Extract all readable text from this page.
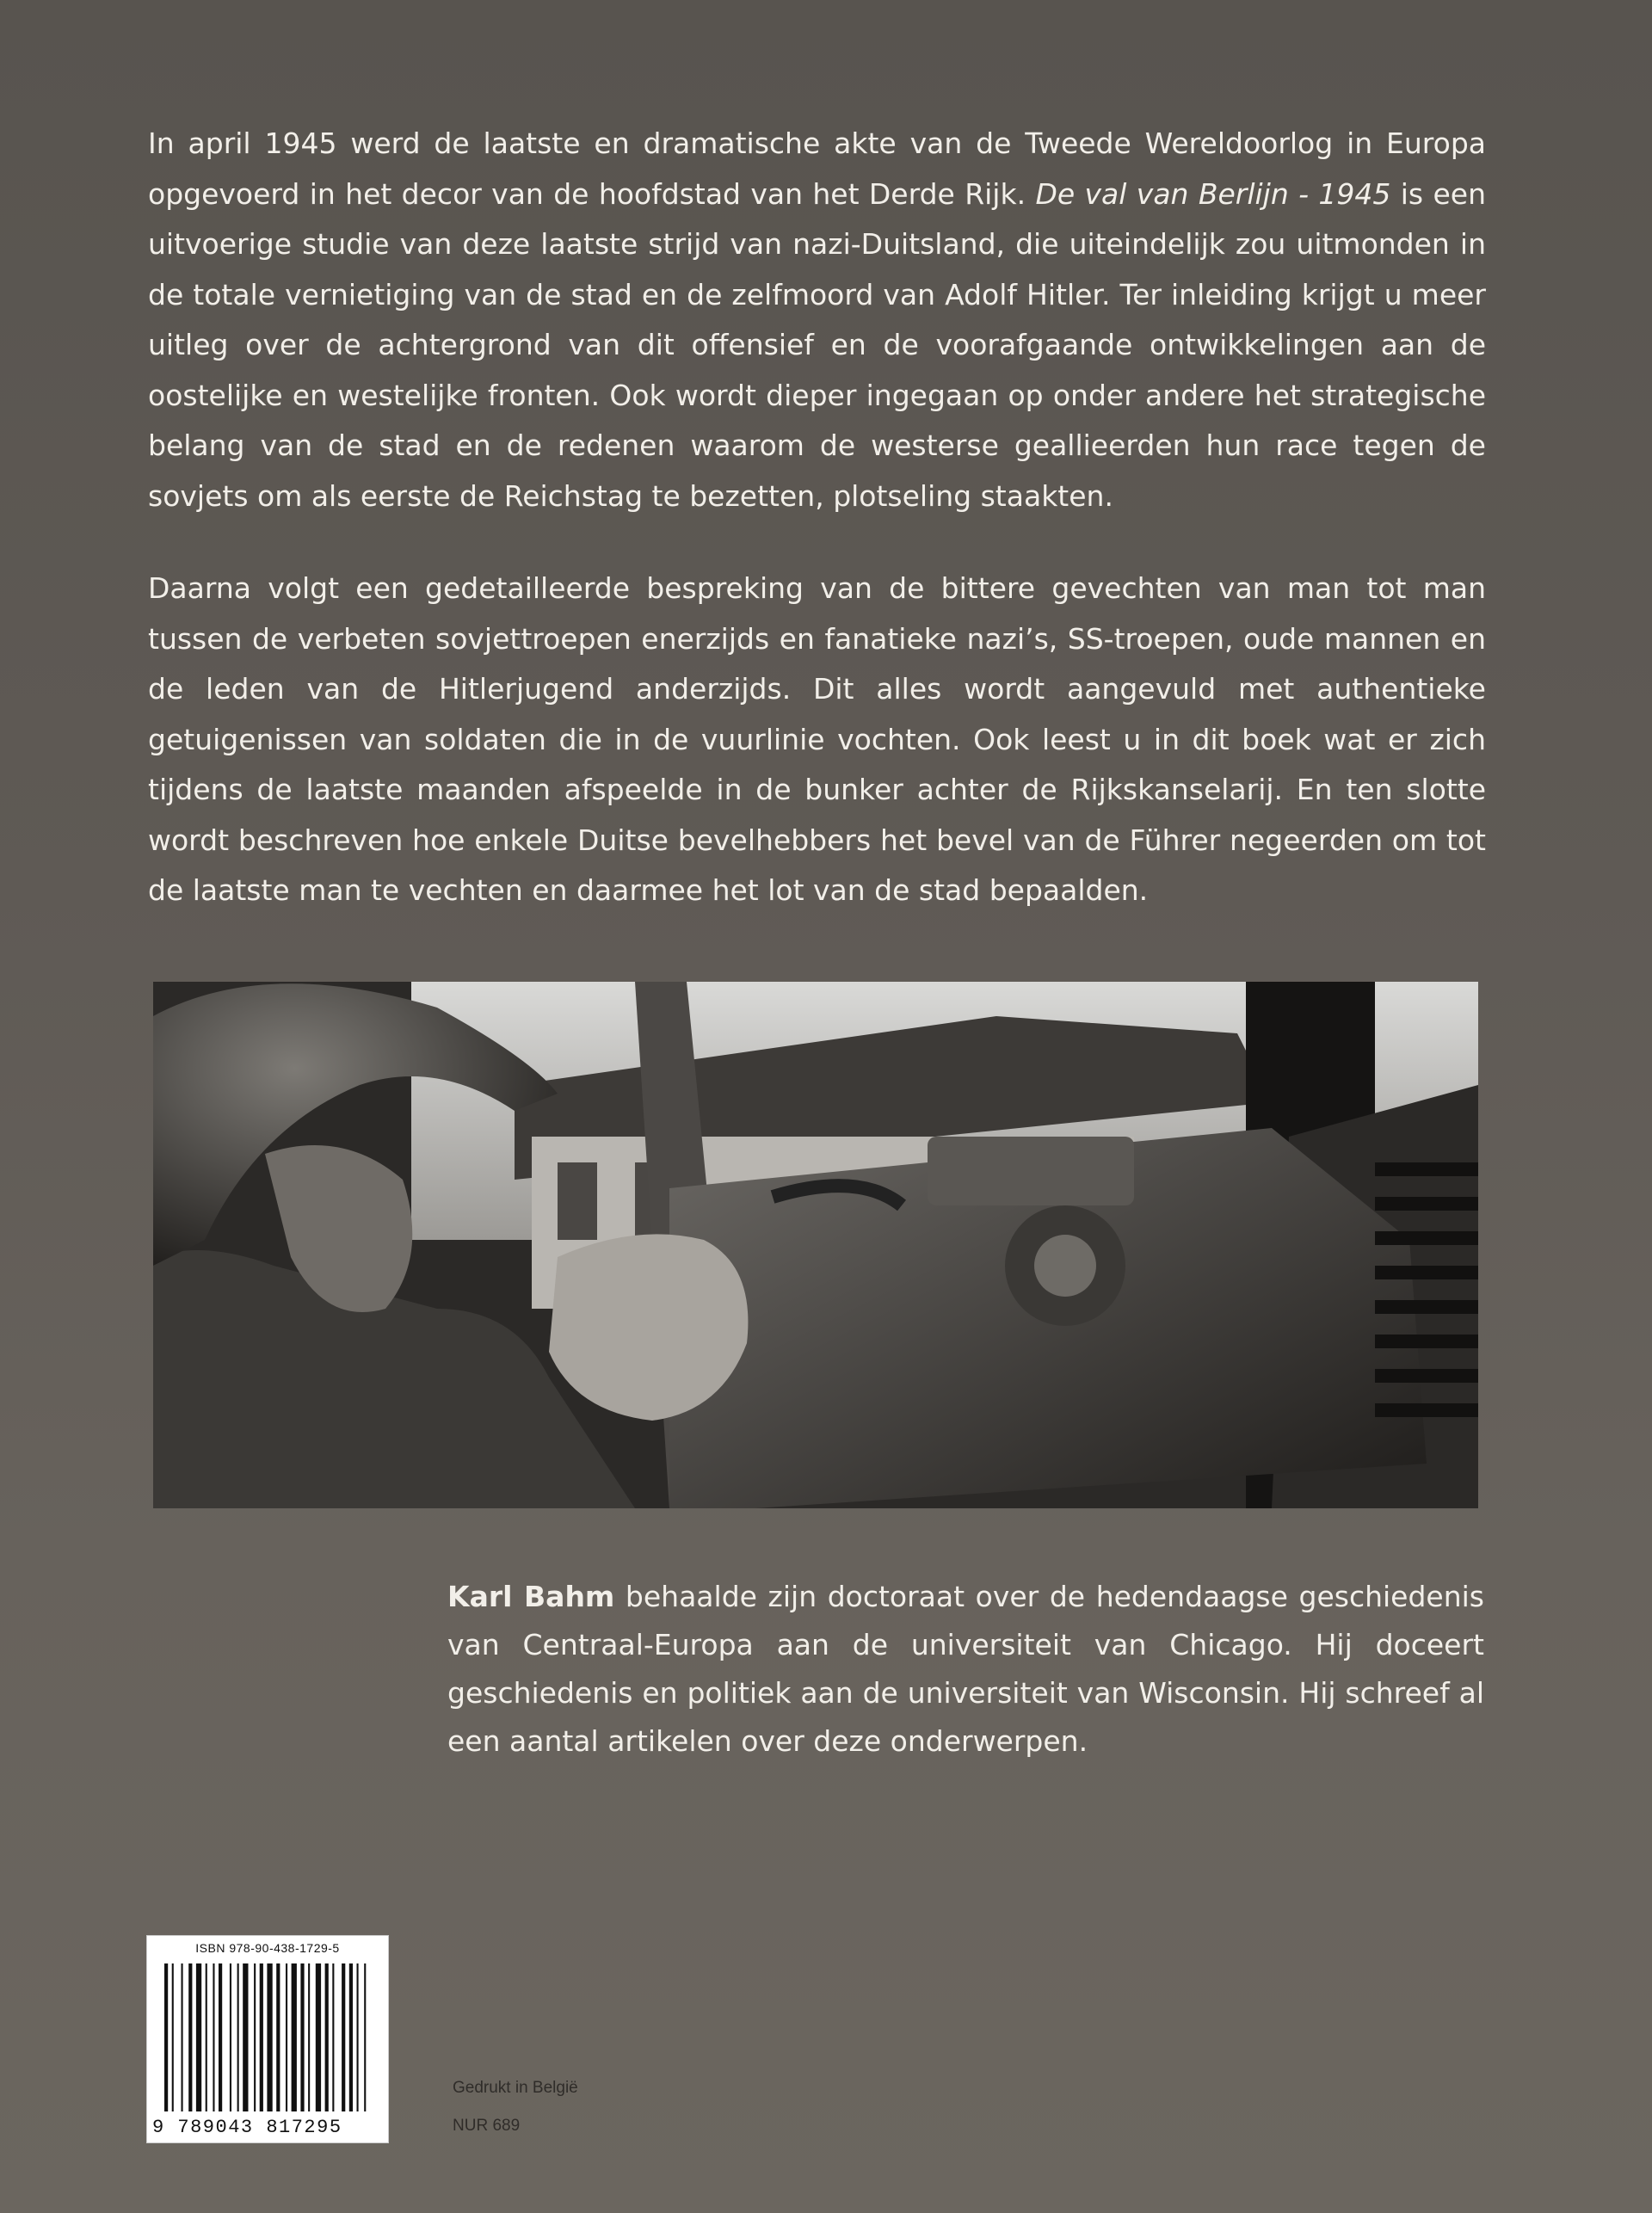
In april 1945 werd de laatste en dramatische akte van de Tweede Wereldoorlog in Europa opgevoerd in het decor van de hoofdstad van het Derde Rijk. De val van Berlijn - 1945 is een uitvoerige studie van deze laatste strijd van nazi-Duitsland, die uiteindelijk zou uitmonden in de totale vernietiging van de stad en de zelfmoord van Adolf Hitler. Ter inleiding krijgt u meer uitleg over de achtergrond van dit offensief en de voorafgaande ontwikkelingen aan de oostelijke en westelijke fronten. Ook wordt dieper ingegaan op onder andere het strategische belang van de stad en de redenen waarom de westerse geallieerden hun race tegen de sovjets om als eerste de Reichstag te bezetten, plotseling staakten.

Daarna volgt een gedetailleerde bespreking van de bittere gevechten van man tot man tussen de verbeten sovjettroepen enerzijds en fanatieke nazi’s, SS-troepen, oude mannen en de leden van de Hitlerjugend anderzijds. Dit alles wordt aangevuld met authentieke getuigenissen van soldaten die in de vuurlinie vochten. Ook leest u in dit boek wat er zich tijdens de laatste maanden afspeelde in de bunker achter de Rijkskanselarij. En ten slotte wordt beschreven hoe enkele Duitse bevelhebbers het bevel van de Führer negeerden om tot de laatste man te vechten en daarmee het lot van de stad bepaalden.

Karl Bahm behaalde zijn doctoraat over de hedendaagse geschiedenis van Centraal-Europa aan de universiteit van Chicago. Hij doceert geschiedenis en politiek aan de universiteit van Wisconsin. Hij schreef al een aantal artikelen over deze onderwerpen.

ISBN 978-90-438-1729-5
9 789043 817295
Gedrukt in België
NUR 689
